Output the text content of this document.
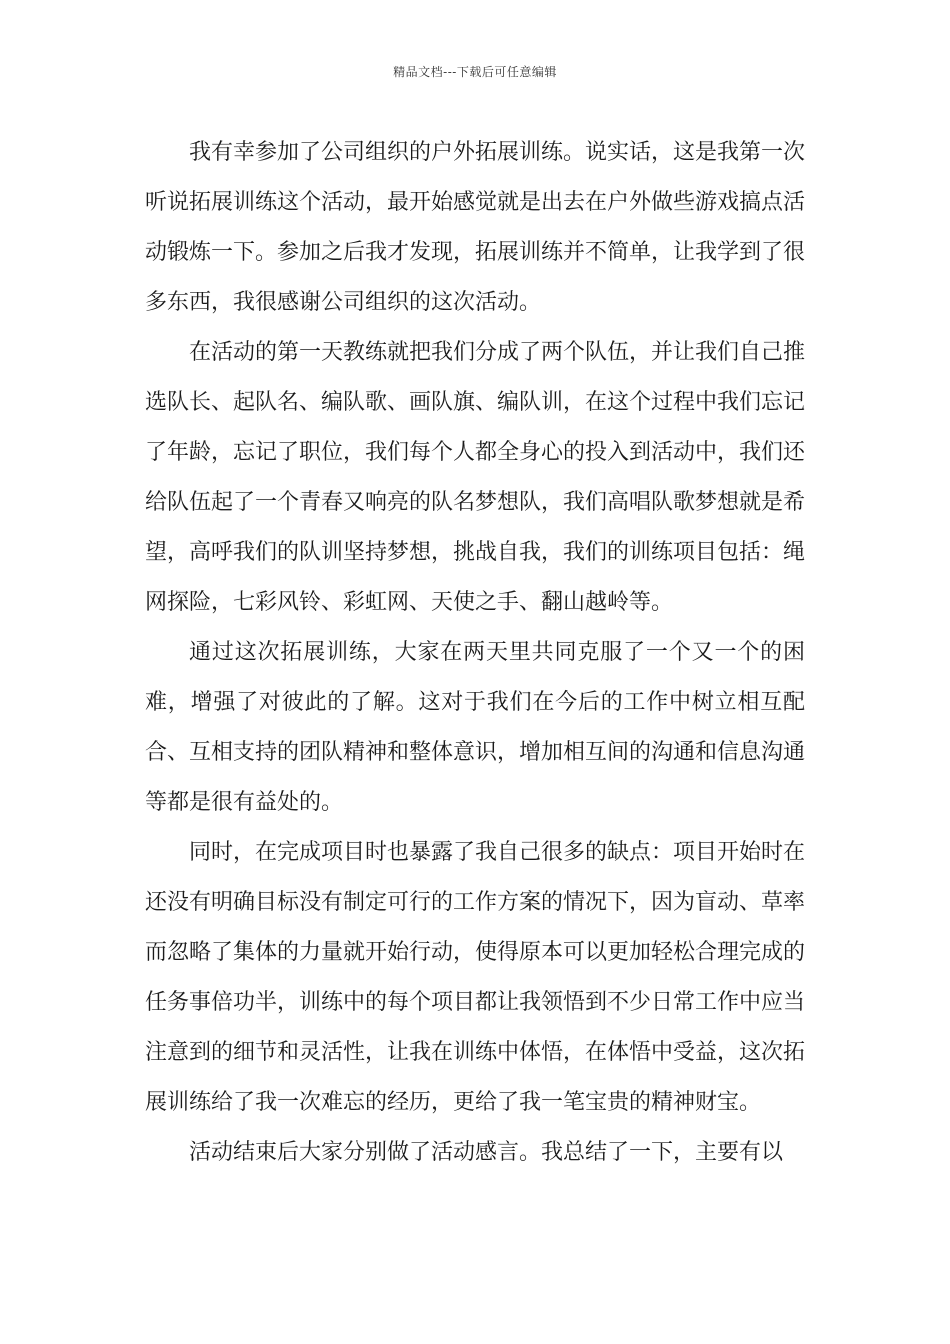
精品文档---下载后可任意编辑

我有幸参加了公司组织的户外拓展训练。说实话，这是我第一次听说拓展训练这个活动，最开始感觉就是出去在户外做些游戏搞点活动锻炼一下。参加之后我才发现，拓展训练并不简单，让我学到了很多东西，我很感谢公司组织的这次活动。

在活动的第一天教练就把我们分成了两个队伍，并让我们自己推选队长、起队名、编队歌、画队旗、编队训，在这个过程中我们忘记了年龄，忘记了职位，我们每个人都全身心的投入到活动中，我们还给队伍起了一个青春又响亮的队名梦想队，我们高唱队歌梦想就是希望，高呼我们的队训坚持梦想，挑战自我，我们的训练项目包括：绳网探险，七彩风铃、彩虹网、天使之手、翻山越岭等。

通过这次拓展训练，大家在两天里共同克服了一个又一个的困难，增强了对彼此的了解。这对于我们在今后的工作中树立相互配合、互相支持的团队精神和整体意识，增加相互间的沟通和信息沟通等都是很有益处的。

同时，在完成项目时也暴露了我自己很多的缺点：项目开始时在还没有明确目标没有制定可行的工作方案的情况下，因为盲动、草率而忽略了集体的力量就开始行动，使得原本可以更加轻松合理完成的任务事倍功半，训练中的每个项目都让我领悟到不少日常工作中应当注意到的细节和灵活性，让我在训练中体悟，在体悟中受益，这次拓展训练给了我一次难忘的经历，更给了我一笔宝贵的精神财宝。

活动结束后大家分别做了活动感言。我总结了一下，主要有以
